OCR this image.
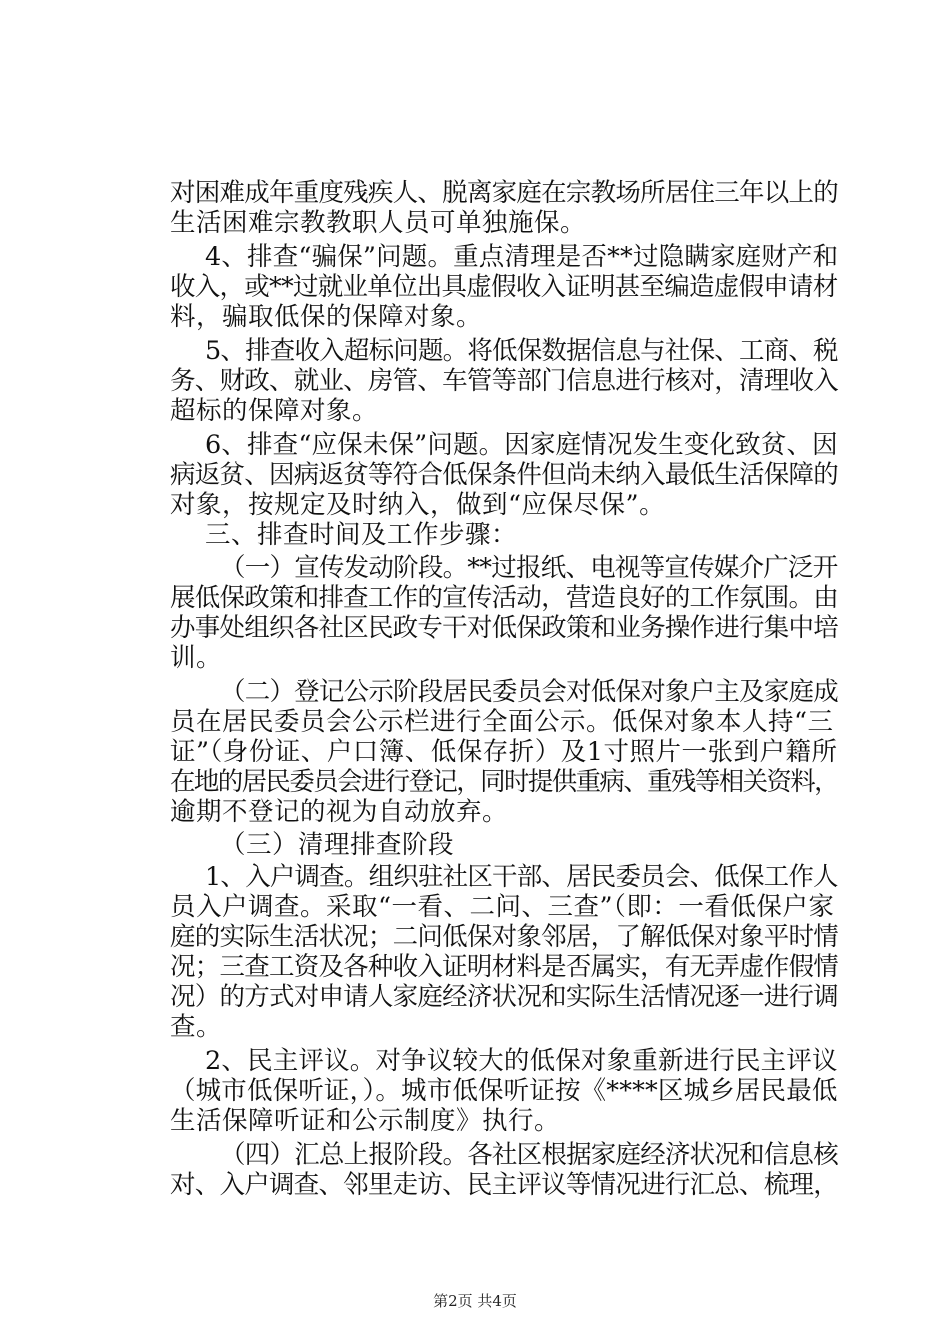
对困难成年重度残疾人、脱离家庭在宗教场所居住三年以上的
生活困难宗教教职人员可单独施保。
4、排查“骗保”问题。重点清理是否**过隐瞒家庭财产和
收入，或**过就业单位出具虚假收入证明甚至编造虚假申请材
料，骗取低保的保障对象。
5、排查收入超标问题。将低保数据信息与社保、工商、税
务、财政、就业、房管、车管等部门信息进行核对，清理收入
超标的保障对象。
6、排查“应保未保”问题。因家庭情况发生变化致贫、因
病返贫、因病返贫等符合低保条件但尚未纳入最低生活保障的
对象，按规定及时纳入，做到“应保尽保”。
三、排查时间及工作步骤：
（一）宣传发动阶段。**过报纸、电视等宣传媒介广泛开
展低保政策和排查工作的宣传活动，营造良好的工作氛围。由
办事处组织各社区民政专干对低保政策和业务操作进行集中培
训。
（二）登记公示阶段居民委员会对低保对象户主及家庭成
员在居民委员会公示栏进行全面公示。低保对象本人持“三
证”（身份证、户口簿、低保存折）及1寸照片一张到户籍所
在地的居民委员会进行登记，同时提供重病、重残等相关资料，
逾期不登记的视为自动放弃。
（三）清理排查阶段
1、入户调查。组织驻社区干部、居民委员会、低保工作人
员入户调查。采取“一看、二问、三查”（即：一看低保户家
庭的实际生活状况；二问低保对象邻居，了解低保对象平时情
况；三查工资及各种收入证明材料是否属实，有无弄虚作假情
况）的方式对申请人家庭经济状况和实际生活情况逐一进行调
查。
2、民主评议。对争议较大的低保对象重新进行民主评议
（城市低保听证，）。城市低保听证按《****区城乡居民最低
生活保障听证和公示制度》执行。
（四）汇总上报阶段。各社区根据家庭经济状况和信息核
对、入户调查、邻里走访、民主评议等情况进行汇总、梳理，
第2页 共4页
